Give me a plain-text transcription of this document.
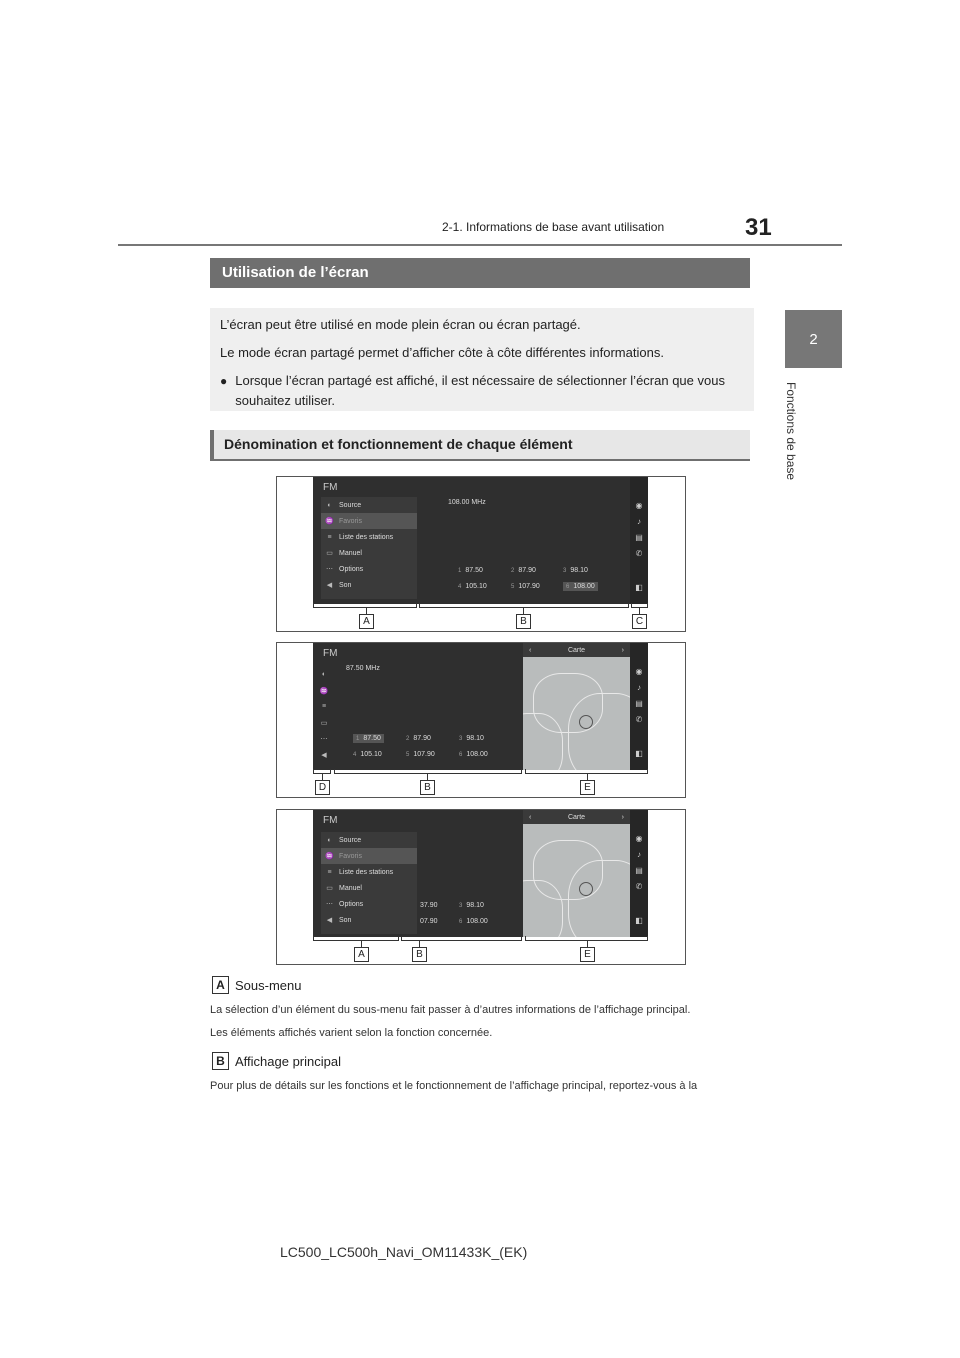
2-1. Informations de base avant utilisation	31
2
Fonctions de base
Utilisation de l’écran

L’écran peut être utilisé en mode plein écran ou écran partagé.

Le mode écran partagé permet d’afficher côte à côte différentes informations.

● Lorsque l’écran partagé est affiché, il est nécessaire de sélectionner l’écran que vous souhaitez utiliser.
Dénomination et fonctionnement de chaque élément
FM
◐	Source
♒ Favoris
≡	Liste des stations
▭ Manuel
⋯ Options
◀ Son
108.00 MHz
1 87.50	2 87.90	3 98.10
4 105.10	5 107.90	6 108.00
◉
♪
▤
✆
◧
A	B	C
FM
◐
♒
≡
▭
⋯
◀
87.50 MHz
1 87.50	2 87.90	3 98.10
4 105.10	5 107.90	6 108.00
‹	Carte	›
◉
♪
▤
✆
◧
D	B	E
FM
37.90	3 98.10
07.90	6 108.00
◐	Source
♒ Favoris
≡	Liste des stations
▭ Manuel
⋯ Options
◀ Son
‹	Carte	›
◉
♪
▤
✆
◧
A	B	E
A Sous-menu
La sélection d’un élément du sous-menu fait passer à d’autres informations de l’affichage principal.
Les éléments affichés varient selon la fonction concernée.
B Affichage principal
Pour plus de détails sur les fonctions et le fonctionnement de l’affichage principal, reportez-vous à la
LC500_LC500h_Navi_OM11433K_(EK)
